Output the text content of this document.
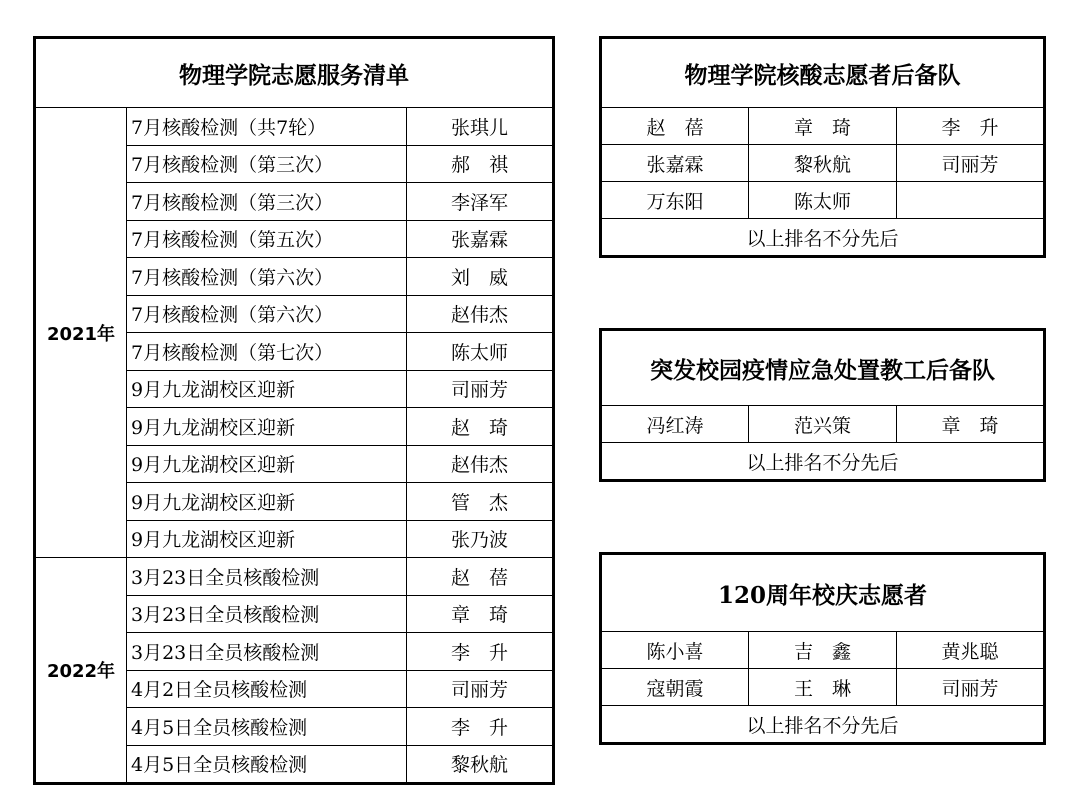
物理学院志愿服务清单		
2021年	7月核酸检测（共7轮）	张琪儿
	7月核酸检测（第三次）	郝　祺
	7月核酸检测（第三次）	李泽军
	7月核酸检测（第五次）	张嘉霖
	7月核酸检测（第六次）	刘　威
	7月核酸检测（第六次）	赵伟杰
	7月核酸检测（第七次）	陈太师
	9月九龙湖校区迎新	司丽芳
	9月九龙湖校区迎新	赵　琦
	9月九龙湖校区迎新	赵伟杰
	9月九龙湖校区迎新	管　杰
	9月九龙湖校区迎新	张乃波
2022年	3月23日全员核酸检测	赵　蓓
	3月23日全员核酸检测	章　琦
	3月23日全员核酸检测	李　升
	4月2日全员核酸检测	司丽芳
	4月5日全员核酸检测	李　升
	4月5日全员核酸检测	黎秋航
物理学院核酸志愿者后备队		
赵　蓓	章　琦	李　升
张嘉霖	黎秋航	司丽芳
万东阳	陈太师	
以上排名不分先后		
突发校园疫情应急处置教工后备队
冯红涛	范兴策	章　琦
以上排名不分先后
120周年校庆志愿者		
陈小喜	吉　鑫	黄兆聪
寇朝霞	王　琳	司丽芳
以上排名不分先后		
